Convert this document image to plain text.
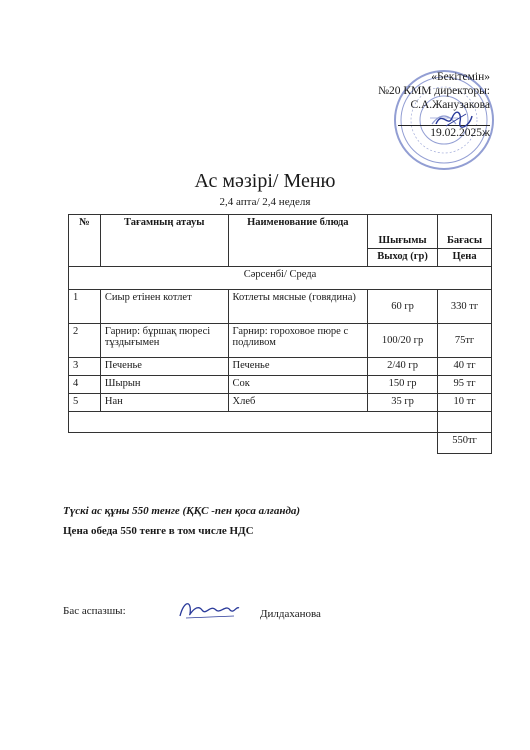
«Бекітемін»
№20 КММ директоры:
С.А.Жанузакова
19.02.2025ж
Ас мәзірі/ Меню
2,4 апта/ 2,4 неделя
№	Тағамның атауы	Наименование блюда	Шығымы	Бағасы
			Выход (гр)	Цена
Сәрсенбі/ Среда				
1	Сиыр етінен котлет	Котлеты мясные (говядина)	60 гр	330 тг
2	Гарнир: бұршақ пюресі тұздығымен	Гарнир: гороховое пюре с подливом	100/20 гр	75тг
3	Печенье	Печенье	2/40 гр	40 тг
4	Шырын	Сок	150 гр	95 тг
5	Нан	Хлеб	35 гр	10 тг

				550тг
Түскі ас құны 550 тенге (ҚҚС -пен қоса алғанда)
Цена обеда 550 тенге в том числе НДС
Бас аспазшы:	Дилдаханова
